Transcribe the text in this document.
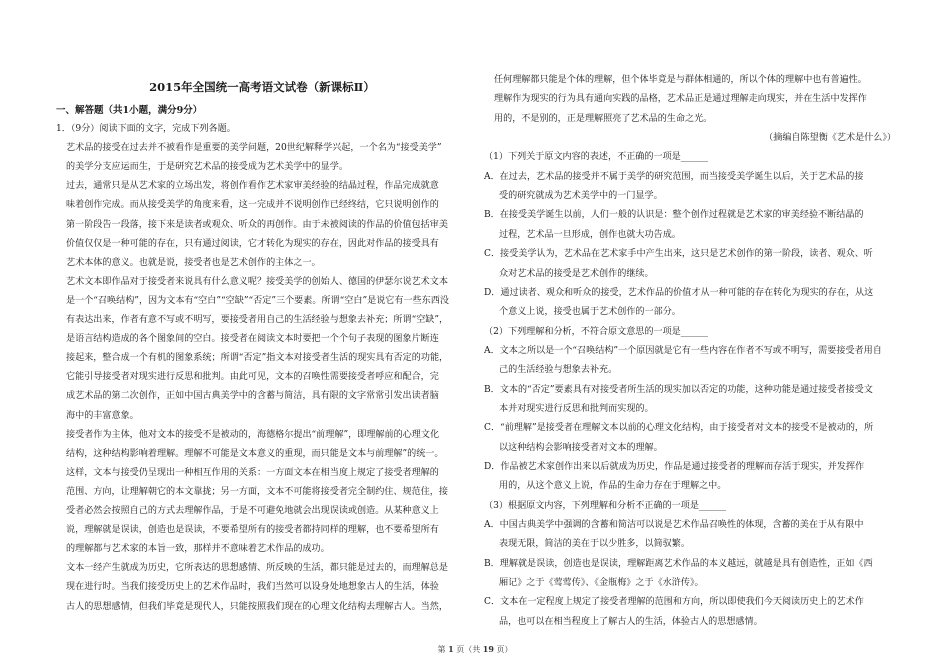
2015年全国统一高考语文试卷（新课标Ⅱ）
一、解答题（共1小题，满分9分）
1．（9分）阅读下面的文字，完成下列各题。
艺术品的接受在过去并不被看作是重要的美学问题，20世纪解释学兴起，一个名为“接受美学”
的美学分支应运而生，于是研究艺术品的接受成为艺术美学中的显学。
过去，通常只是从艺术家的立场出发，将创作看作艺术家审美经验的结晶过程，作品完成就意
味着创作完成。而从接受美学的角度来看，这一完成并不说明创作已经终结，它只说明创作的
第一阶段告一段落，接下来是读者或观众、听众的再创作。由于未被阅读的作品的价值包括审美
价值仅仅是一种可能的存在，只有通过阅读，它才转化为现实的存在，因此对作品的接受具有
艺术本体的意义。也就是说，接受者也是艺术创作的主体之一。
艺术文本即作品对于接受者来说具有什么意义呢？接受美学的创始人、德国的伊瑟尔说艺术文本
是一个“召唤结构”，因为文本有“空白”“空缺”“否定”三个要素。所谓“空白”是说它有一些东西没
有表达出来，作者有意不写或不明写，要接受者用自己的生活经验与想象去补充；所谓“空缺”，
是语言结构造成的各个图象间的空白。接受者在阅读文本时要把一个个句子表现的图象片断连
接起来，整合成一个有机的图象系统；所谓“否定”指文本对接受者生活的现实具有否定的功能，
它能引导接受者对现实进行反思和批判。由此可见，文本的召唤性需要接受者呼应和配合，完
成艺术品的第二次创作，正如中国古典美学中的含蓄与简洁，具有限的文字常常引发出读者脑
海中的丰富意象。
接受者作为主体，他对文本的接受不是被动的，海德格尔提出“前理解”，即理解前的心理文化
结构，这种结构影响着理解。理解不可能是文本意义的重现，而只能是文本与前理解”的统一。
这样，文本与接受仍呈现出一种相互作用的关系：一方面文本在相当度上规定了接受者理解的
范围、方向，让理解朝它的本文靠拢；另一方面，文本不可能将接受者完全制约住、规范住，接
受者必然会按照自己的方式去理解作品，于是不可避免地就会出现误读或创造。从某种意义上
说，理解就是误读，创造也是误读，不要希望所有的接受者都持同样的理解，也不要希望所有
的理解都与艺术家的本旨一致，那样并不意味着艺术作品的成功。
文本一经产生就成为历史，它所表达的思想感情、所反映的生活，都只能是过去的，而理解总是
现在进行时。当我们接受历史上的艺术作品时，我们当然可以设身处地想象古人的生活，体验
古人的思想感情，但我们毕竟是现代人，只能按照我们现在的心理文化结构去理解古人。当然，
任何理解都只能是个体的理解，但个体毕竟是与群体相通的，所以个体的理解中也有普遍性。
理解作为现实的行为具有通向实践的品格，艺术品正是通过理解走向现实，并在生活中发挥作
用的，不是别的，正是理解照亮了艺术品的生命之光。
（摘编自陈望衡《艺术是什么》）
（1）下列关于原文内容的表述，不正确的一项是______
A．在过去，艺术品的接受并不属于美学的研究范围，而当接受美学诞生以后，关于艺术品的接
受的研究就成为艺术美学中的一门显学。
B．在接受美学诞生以前，人们一般的认识是：整个创作过程就是艺术家的审美经验不断结晶的
过程，艺术品一旦形成，创作也就大功告成。
C．接受美学认为，艺术品在艺术家手中产生出来，这只是艺术创作的第一阶段，读者、观众、听
众对艺术品的接受是艺术创作的继续。
D．通过读者、观众和听众的接受，艺术作品的价值才从一种可能的存在转化为现实的存在，从这
个意义上说，接受也属于艺术创作的一部分。
（2）下列理解和分析，不符合原文意思的一项是______
A．文本之所以是一个“召唤结构”一个原因就是它有一些内容在作者不写或不明写，需要接受者用自
己的生活经验与想象去补充。
B．文本的“否定”要素具有对接受者所生活的现实加以否定的功能，这种功能是通过接受者接受文
本并对现实进行反思和批判而实现的。
C．“前理解”是接受者在理解文本以前的心理文化结构，由于接受者对文本的接受不是被动的，所
以这种结构会影响接受者对文本的理解。
D．作品被艺术家创作出来以后就成为历史，作品是通过接受者的理解而存活于现实，并发挥作
用的，从这个意义上说，作品的生命力存在于理解之中。
（3）根据原文内容，下列理解和分析不正确的一项是______
A．中国古典美学中强调的含蓄和简洁可以说是艺术作品召唤性的体现，含蓄的美在于从有限中
表现无限，简洁的美在于以少胜多，以简驭繁。
B．理解就是误读，创造也是误读，理解距离艺术作品的本义越远，就越是具有创造性，正如《西
厢记》之于《莺莺传》、《金瓶梅》之于《水浒传》。
C．文本在一定程度上规定了接受者理解的范围和方向，所以即使我们今天阅读历史上的艺术作
品，也可以在相当程度上了解古人的生活，体验古人的思想感情。
第 1 页（共 19 页）
